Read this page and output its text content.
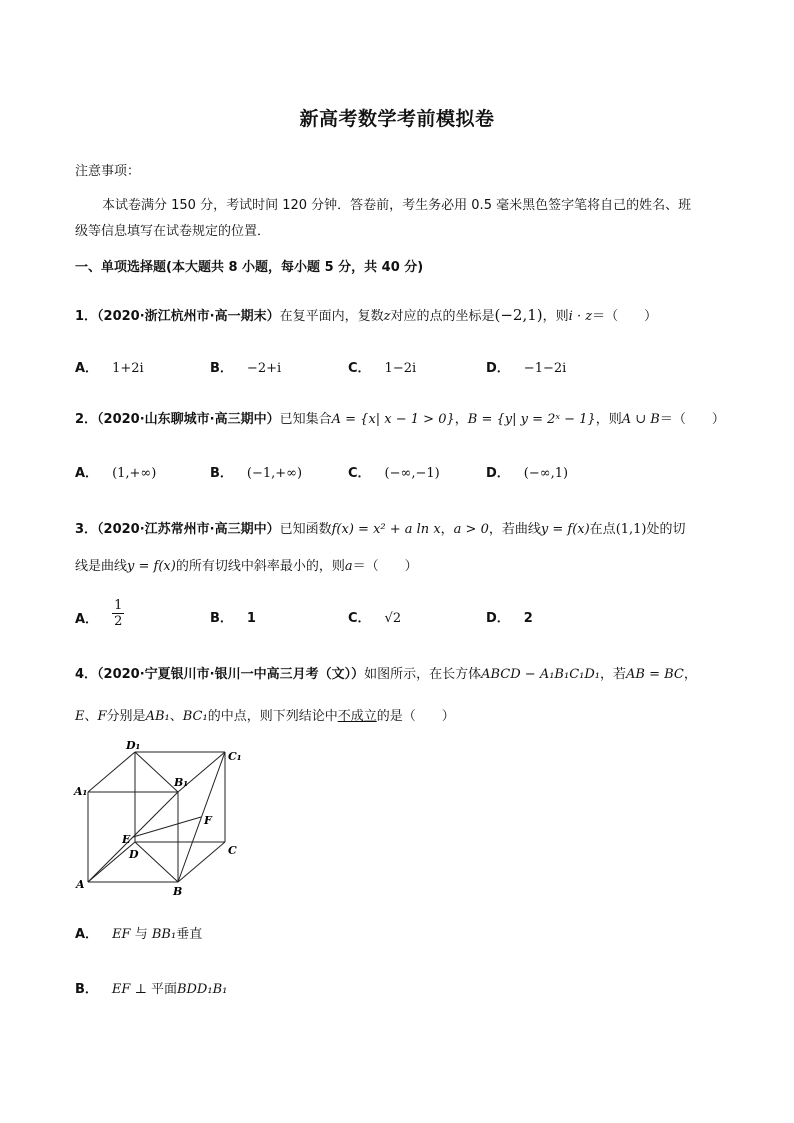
新高考数学考前模拟卷
注意事项：
本试卷满分 150 分，考试时间 120 分钟．答卷前，考生务必用 0.5 毫米黑色签字笔将自己的姓名、班
级等信息填写在试卷规定的位置．
一、单项选择题(本大题共 8 小题，每小题 5 分，共 40 分)
1．（2020·浙江杭州市·高一期末）在复平面内，复数z对应的点的坐标是(−2,1)，则i · z＝（　　）
A． 1+2i	B． −2+i	C． 1−2i	D． −1−2i
2．（2020·山东聊城市·高三期中）已知集合A = {x| x − 1 > 0}，B = {y| y = 2ˣ − 1}，则A ∪ B＝（　　）
A． (1,+∞)	B． (−1,+∞)	C． (−∞,−1)	D． (−∞,1)
3．（2020·江苏常州市·高三期中）已知函数f(x) = x² + a ln x，a > 0，若曲线y = f(x)在点(1,1)处的切
线是曲线y = f(x)的所有切线中斜率最小的，则a＝（　　）
A． $\frac{1}{2}$	B． 1	C． √2	D． 2
4．（2020·宁夏银川市·银川一中高三月考（文））如图所示，在长方体ABCD − A₁B₁C₁D₁，若AB = BC，
E、F分别是AB₁、BC₁的中点，则下列结论中不成立的是（　　）
A₁
D₁
B₁
C₁
E
D
F
C
A
B
A． EF 与 BB₁垂直
B． EF ⊥ 平面BDD₁B₁
